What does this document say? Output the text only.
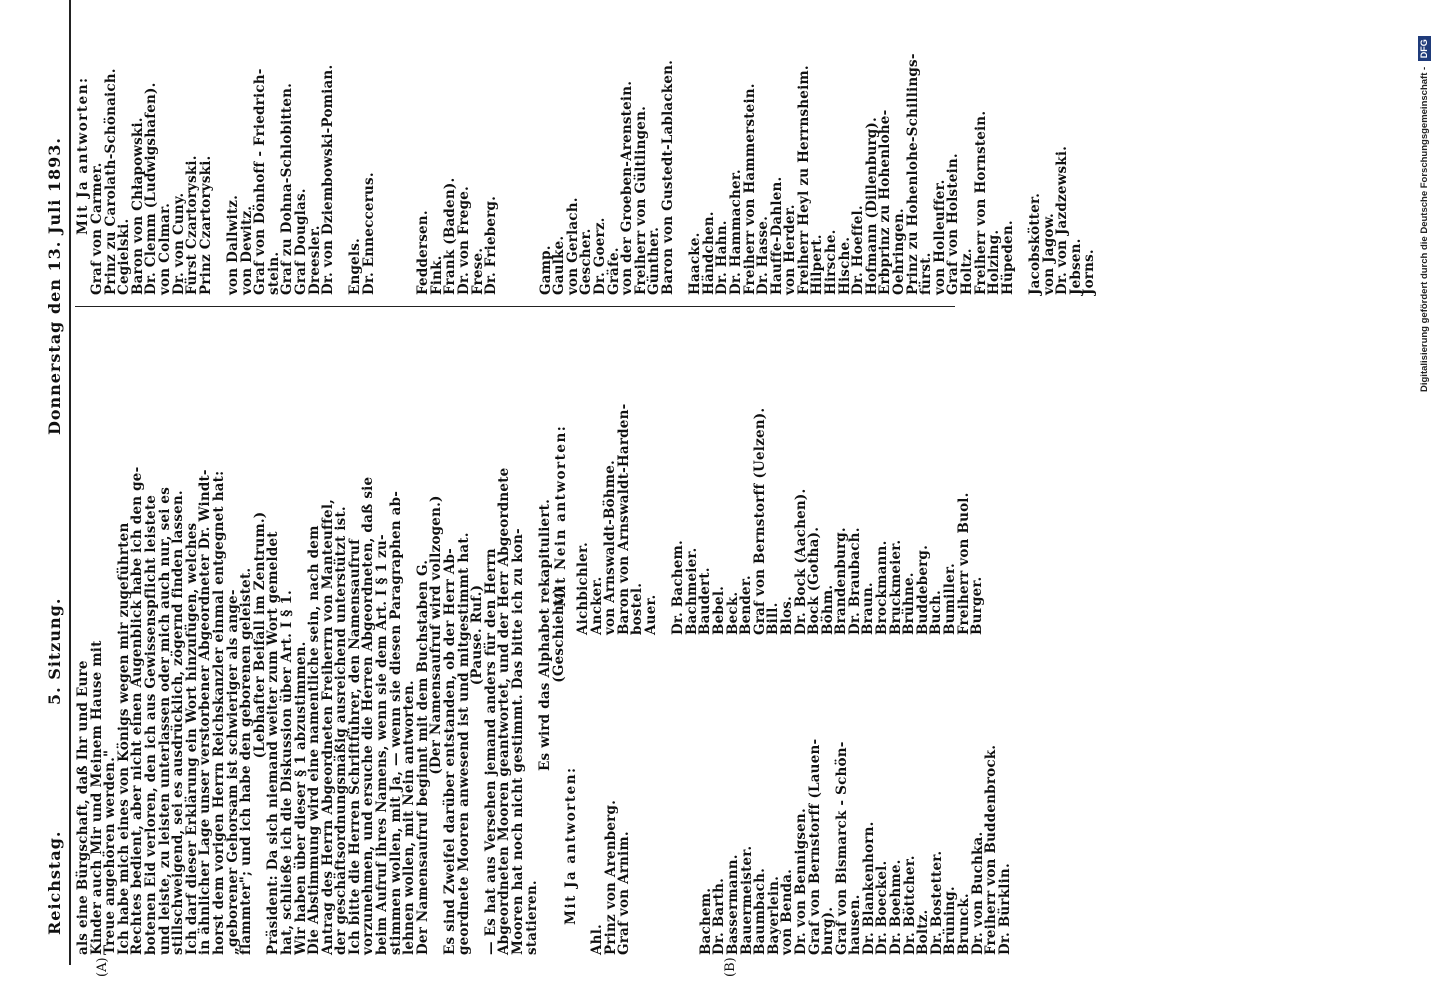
Reichstag.
5. Sitzung.
Donnerstag den 13. Juli 1893.
(A)	(B)

als eine Bürgschaft, daß Ihr und Eure

Kinder auch Mir und Meinem Hause mit

Treue angehören werden."

Ich habe mich eines von Königs wegen mir zugeführten

Rechtes bedient, aber nicht einen Augenblick habe ich den ge-

botenen Eid verloren, den ich aus Gewissenspflicht leistete

und leiste, zu leisten unterlassen oder mich auch nur, sei es

stillschweigend, sei es ausdrücklich, zögernd finden lassen.

Ich darf dieser Erklärung ein Wort hinzufügen, welches

in ähnlicher Lage unser verstorbener Abgeordneter Dr. Windt-

horst dem vorigen Herrn Reichskanzler einmal entgegnet hat:

„geborener Gehorsam ist schwieriger als ange-

flammter"; und ich habe den geborenen geleistet.

(Lebhafter Beifall im Zentrum.)

Präsident: Da sich niemand weiter zum Wort gemeldet

hat, schließe ich die Diskussion über Art. I § 1.

Wir haben über dieser § 1 abzustimmen.

Die Abstimmung wird eine namentliche sein, nach dem

Antrag des Herrn Abgeordneten Freiherrn von Manteuffel,

der geschäftsordnungsmäßig ausreichend unterstützt ist.

Ich bitte die Herren Schriftführer, den Namensaufruf

vorzunehmen, und ersuche die Herren Abgeordneten, daß sie

beim Aufruf ihres Namens, wenn sie dem Art. I § 1 zu-

stimmen wollen, mit Ja, — wenn sie diesen Paragraphen ab-

lehnen wollen, mit Nein antworten.

Der Namensaufruf beginnt mit dem Buchstaben G.

(Der Namensaufruf wird vollzogen.)

Es sind Zweifel darüber entstanden, ob der Herr Ab-

geordnete Mooren anwesend ist und mitgestimmt hat.

(Pause. Ruf.)

— Es hat aus Versehen jemand anders für den Herrn

Abgeordneten Mooren geantwortet, und der Herr Abgeordnete

Mooren hat noch nicht gestimmt. Das bitte ich zu kon-

statieren.

Es wird das Alphabet rekapituliert.

(Geschieht.)

Mit Ja antworten:
Mit Nein antworten:
Ahl.
Prinz von Arenberg.
Graf von Arnim.	Bachem.
Dr. Barth.
Bassermann.
Bauermeister.
Baumbach.
Bayerlein.
von Benda.
Dr. von Bennigsen.
Graf von Bernstorff (Lauen-
burg).
Graf von Bismarck - Schön-
hausen.
Dr. Blankenhorn.
Dr. Boeckel.
Dr. Boehme.
Dr. Böttcher.
Boltz.
Dr. Bostetter.
Brüning.
Brunck.
Dr. von Buchka.
Freiherr von Buddenbrock.
Dr. Bürklin.
Aichbichler.
Ancker.
von Arnswaldt-Böhme.
Baron von Arnswaldt-Harden-
bostel.
Auer. Dr. Bachem.
Bachmeier.
Baudert.
Bebel.
Beck.
Bender.
Graf von Bernstorff (Uelzen).
Bill.
Blos.
Dr. Bock (Aachen).
Bock (Gotha).
Böhm.
Brandenburg.
Dr. Braubach.
Braun.
Brockmann.
Bruckmeier.
Brühne.
Buddeberg.
Buch.
Bumiller.
Freiherr von Buol.
Burger.
Mit Ja antworten:
Graf von Carmer.
Prinz zu Carolath-Schönaich.
Cegielski.
Baron von Chłapowski.
Dr. Clemm (Ludwigshafen).
von Colmar.
Dr. von Cuny.
Fürst Czartoryski.
Prinz Czartoryski. von Dallwitz.
von Dewitz.
Graf von Dönhoff - Friedrich-
stein.
Graf zu Dohna-Schlobitten.
Graf Douglas.
Dreesler.
Dr. von Dziembowski-Pomian. Engels.
Dr. Enneccerus.	Feddersen.
Fink.
Frank (Baden).
Dr. von Frege.
Frese.
Dr. Frieberg.	Gamp.
Gaulke.
von Gerlach.
Gescher.
Dr. Goerz.
Gräfe.
von der Groeben-Arenstein.
Freiherr von Gültlingen.
Günther.
Baron von Gustedt-Lablacken. Haacke.
Händchen.
Dr. Hahn.
Dr. Hammacher.
Freiherr von Hammerstein.
Dr. Hasse.
Hauffe-Dahlen.
von Herder.
Freiherr Heyl zu Herrnsheim.
Hilpert.
Hirsche.
Hische.
Dr. Hoeffel.
Hofmann (Dillenburg).
Erbprinz zu Hohenlohe-
Oehringen.
Prinz zu Hohenlohe-Schillings-
fürst.
von Holleuffer.
Graf von Holstein.
Holtz.
Freiherr von Hornstein.
Holzing.
Hüpeden. Jacobskötter.
von Jagow.
Dr. von Jazdzewski.
Jebsen.
Jorns.	Digitalisierung gefördert durch die Deutsche Forschungsgemeinschaft - DFG
